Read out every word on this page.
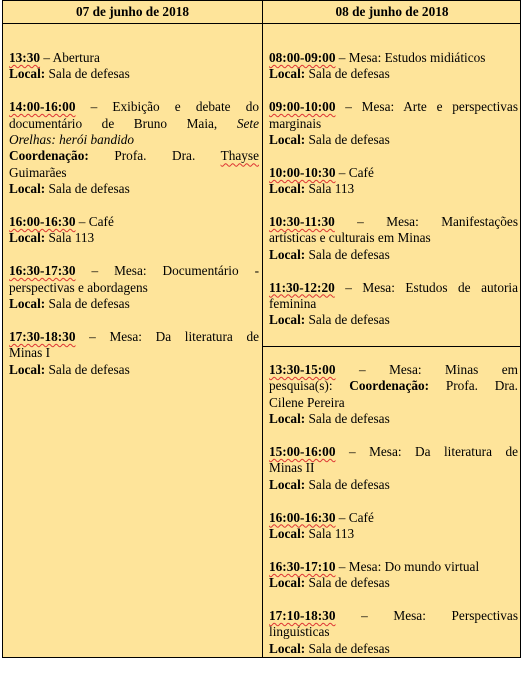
07 de junho de 2018	08 de junho de 2018
13:30 – Abertura
Local: Sala de defesas
14:00-16:00 – Exibição e debate do
documentário de Bruno Maia, Sete
Orelhas: herói bandido
Coordenação: Profa. Dra. Thayse
Guimarães
Local: Sala de defesas
16:00-16:30 – Café
Local: Sala 113
16:30-17:30 – Mesa: Documentário -
perspectivas e abordagens
Local: Sala de defesas
17:30-18:30 – Mesa: Da literatura de
Minas I
Local: Sala de defesas
08:00-09:00 – Mesa: Estudos midiáticos
Local: Sala de defesas
09:00-10:00 – Mesa: Arte e perspectivas
marginais
Local: Sala de defesas
10:00-10:30 – Café
Local: Sala 113
10:30-11:30 – Mesa: Manifestações
artísticas e culturais em Minas
Local: Sala de defesas
11:30-12:20 – Mesa: Estudos de autoria
feminina
Local: Sala de defesas
13:30-15:00 – Mesa: Minas em
pesquisa(s): Coordenação: Profa. Dra.
Cilene Pereira
Local: Sala de defesas
15:00-16:00 – Mesa: Da literatura de
Minas II
Local: Sala de defesas
16:00-16:30 – Café
Local: Sala 113
16:30-17:10 – Mesa: Do mundo virtual
Local: Sala de defesas
17:10-18:30 – Mesa: Perspectivas
linguísticas
Local: Sala de defesas
